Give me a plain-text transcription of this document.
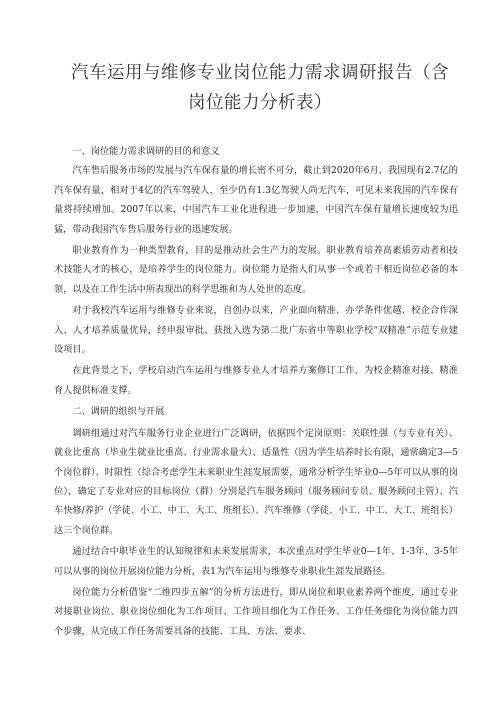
汽车运用与维修专业岗位能力需求调研报告（含岗位能力分析表）

一、岗位能力需求调研的目的和意义

汽车售后服务市场的发展与汽车保有量的增长密不可分，截止到2020年6月，我国现有2.7亿的汽车保有量，相对于4亿的汽车驾驶人，至少仍有1.3亿驾驶人尚无汽车，可见未来我国的汽车保有量将持续增加。2007年以来，中国汽车工业化进程进一步加速，中国汽车保有量增长速度较为迅猛，带动我国汽车售后服务行业的迅速发展。

职业教育作为一种类型教育，目的是推动社会生产力的发展。职业教育培养高素质劳动者和技术技能人才的核心，是培养学生的岗位能力。岗位能力是指人们从事一个或若干相近岗位必备的本领，以及在工作生活中所表现出的科学思维和为人处世的态度。

对于我校汽车运用与维修专业来说，自创办以来，产业面向精准、办学条件优越、校企合作深入、人才培养质量优异，经申报审批、获批入选为第二批广东省中等职业学校“双精准”示范专业建设项目。

在此背景之下，学校启动汽车运用与维修专业人才培养方案修订工作，为校企精准对接、精准育人提供标准支撑。

二、调研的组织与开展

调研组通过对汽车服务行业企业进行广泛调研，依据四个定岗原则：关联性强（与专业有关）、就业比重高（毕业生就业比重高、行业需求量大）、适量性（因为学生培养时长有限，通常确定3—5个岗位群）、时限性（综合考虑学生未来职业生涯发展需要，通常分析学生毕业0—5年可以从事的岗位），确定了专业对应的目标岗位（群）分别是汽车服务顾问（服务顾问专员、服务顾问主管）、汽车快修/养护（学徒、小工、中工、大工、班组长）、汽车维修（学徒、小工、中工、大工、班组长）这三个岗位群。

通过结合中职毕业生的认知规律和未来发展需求，本次重点对学生毕业0—1年、1-3年、3-5年可以从事的岗位开展岗位能力分析，表1为汽车运用与维修专业职业生涯发展路径。

岗位能力分析借鉴“二维四步五解”的分析方法进行，即从岗位和职业素养两个维度，通过专业对接职业岗位、职业岗位细化为工作项目、工作项目细化为工作任务、工作任务细化为岗位能力四个步骤，从完成工作任务需要具备的技能、工具、方法、要求、
